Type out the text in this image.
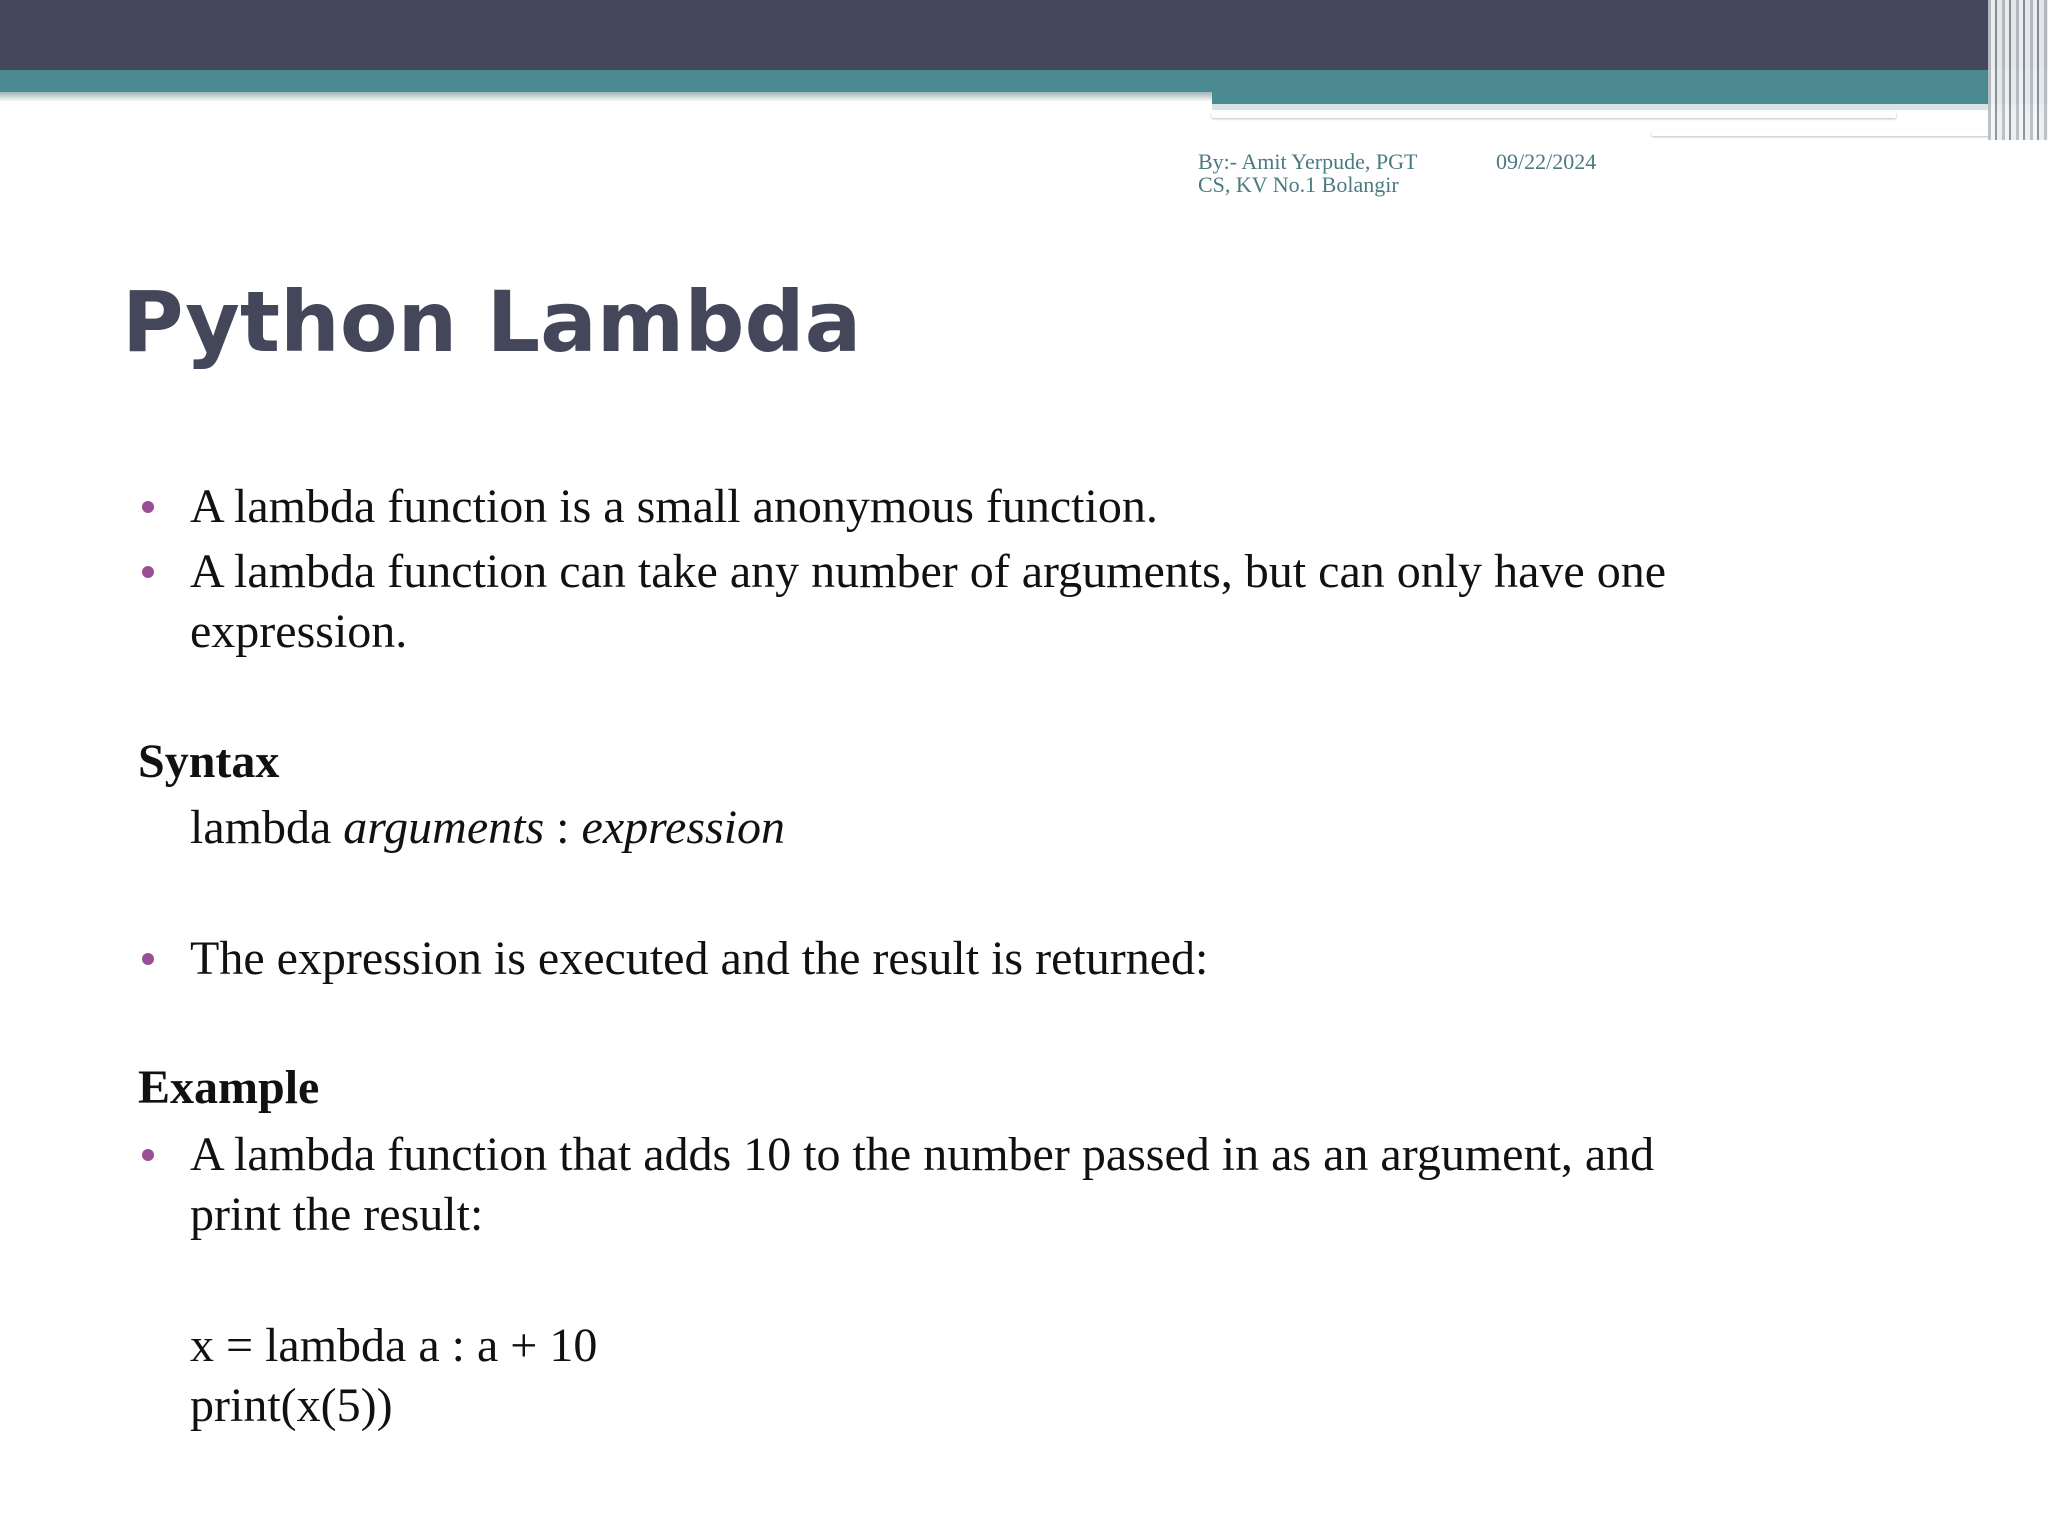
By:- Amit Yerpude, PGT
CS, KV No.1 Bolangir
09/22/2024
Python Lambda
A lambda function is a small anonymous function.
A lambda function can take any number of arguments, but can only have one
expression.
Syntax
lambda arguments : expression
The expression is executed and the result is returned:
Example
A lambda function that adds 10 to the number passed in as an argument, and
print the result:
x = lambda a : a + 10
print(x(5))
